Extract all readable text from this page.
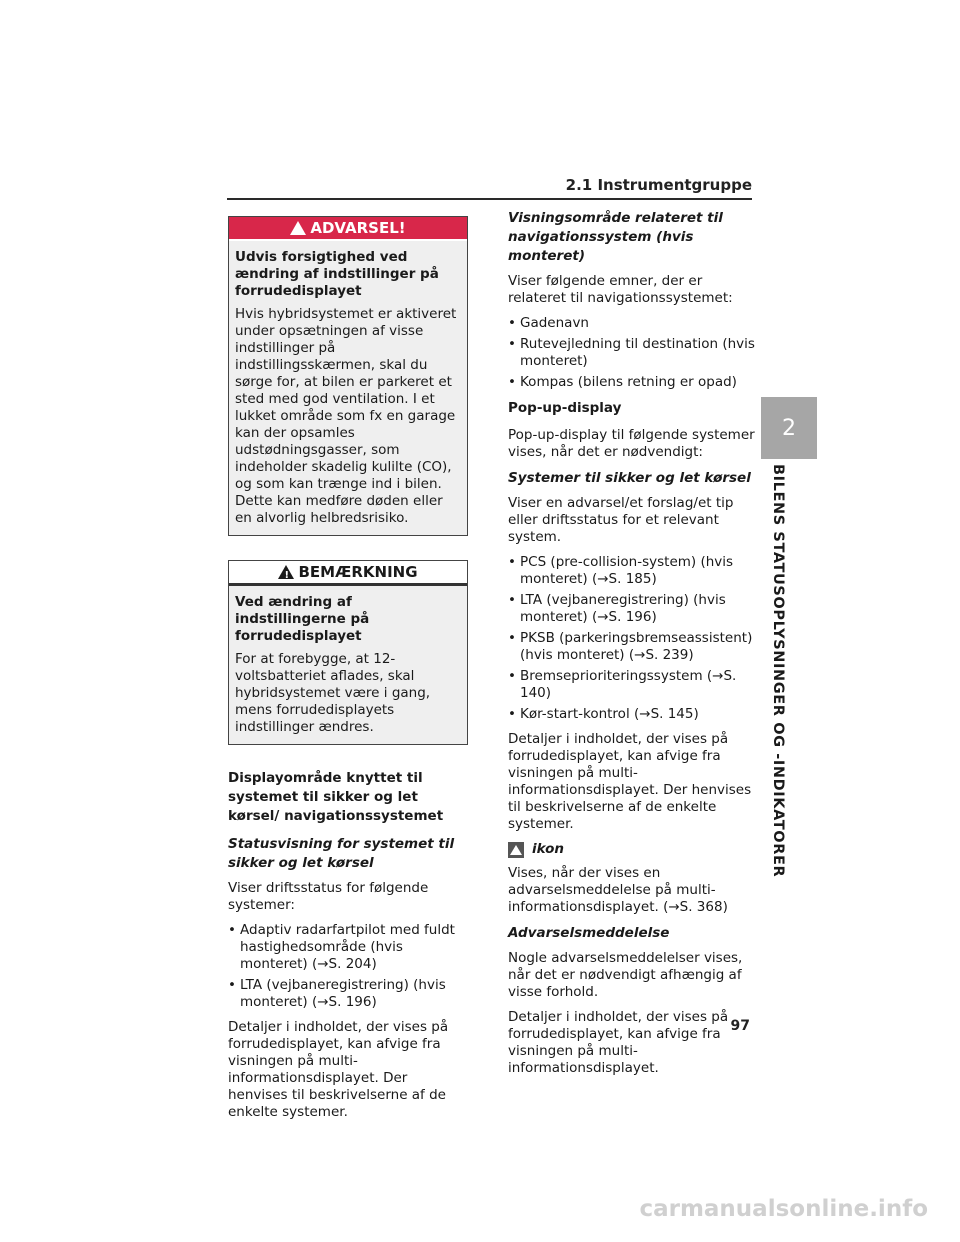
2.1 Instrumentgruppe
2
BILENS STATUSOPLYSNINGER OG -INDIKATORER
!
ADVARSEL!
Udvis forsigtighed ved ændring af indstillinger på forrudedisplayet

Hvis hybridsystemet er aktiveret under opsætningen af visse indstillinger på indstillingsskærmen, skal du sørge for, at bilen er parkeret et sted med god ventilation. I et lukket område som fx en garage kan der opsamles udstødningsgasser, som indeholder skadelig kulilte (CO), og som kan trænge ind i bilen. Dette kan medføre døden eller en alvorlig helbredsrisiko.

!
BEMÆRKNING
Ved ændring af indstillingerne på forrudedisplayet

For at forebygge, at 12-voltsbatteriet aflades, skal hybridsystemet være i gang, mens forrudedisplayets indstillinger ændres.

Displayområde knyttet til systemet til sikker og let kørsel/ navigationssystemet
Statusvisning for systemet til sikker og let kørsel

Viser driftsstatus for følgende systemer:

• Adaptiv radarfartpilot med fuldt hastighedsområde (hvis monteret) (→S. 204)
• LTA (vejbaneregistrering) (hvis monteret) (→S. 196)

Detaljer i indholdet, der vises på forrudedisplayet, kan afvige fra visningen på multi- informationsdisplayet. Der henvises til beskrivelserne af de enkelte systemer.

Visningsområde relateret til navigationssystem (hvis monteret)

Viser følgende emner, der er relateret til navigationssystemet:

• Gadenavn
• Rutevejledning til destination (hvis monteret)
• Kompas (bilens retning er opad)
Pop-up-display

Pop-up-display til følgende systemer vises, når det er nødvendigt:

Systemer til sikker og let kørsel

Viser en advarsel/et forslag/et tip eller driftsstatus for et relevant system.

• PCS (pre-collision-system) (hvis monteret) (→S. 185)
• LTA (vejbaneregistrering) (hvis monteret) (→S. 196)
• PKSB (parkeringsbremseassistent) (hvis monteret) (→S. 239)
• Bremseprioriteringssystem (→S. 140)
• Kør-start-kontrol (→S. 145)

Detaljer i indholdet, der vises på forrudedisplayet, kan afvige fra visningen på multi- informationsdisplayet. Der henvises til beskrivelserne af de enkelte systemer.

ikon

Vises, når der vises en advarselsmeddelelse på multi- informationsdisplayet. (→S. 368)

Advarselsmeddelelse

Nogle advarselsmeddelelser vises, når det er nødvendigt afhængig af visse forhold.

Detaljer i indholdet, der vises på forrudedisplayet, kan afvige fra visningen på multi-informationsdisplayet.

97
carmanualsonline.info
